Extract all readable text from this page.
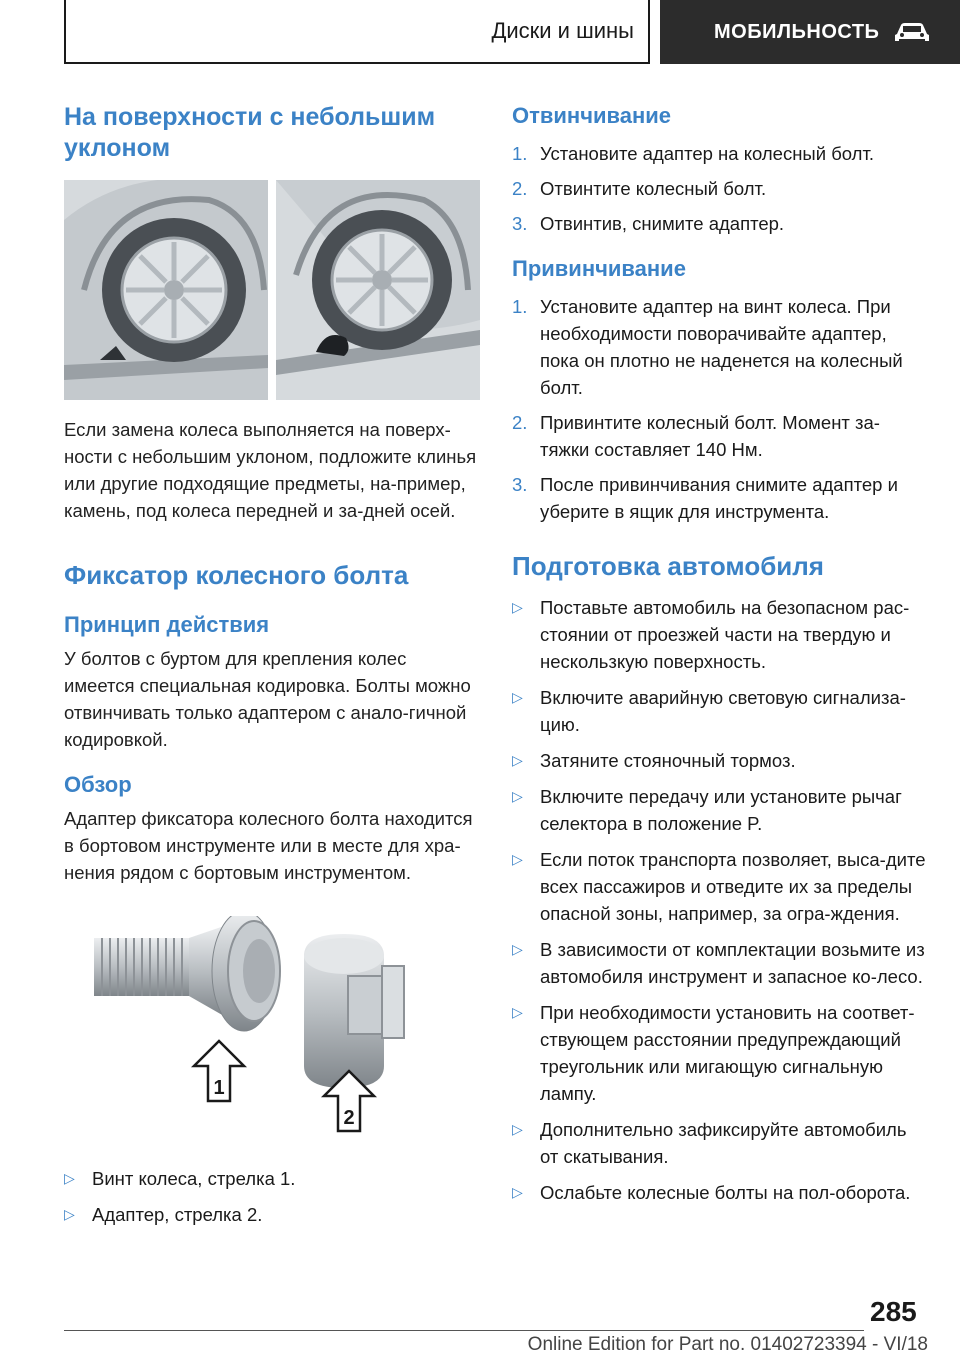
Диски и шины	МОБИЛЬНОСТЬ
На поверхности с небольшим уклоном

Если замена колеса выполняется на поверх-ности с небольшим уклоном, подложите клинья или другие подходящие предметы, на-пример, камень, под колеса передней и за-дней осей.

Фиксатор колесного болта
Принцип действия

У болтов с буртом для крепления колес имеется специальная кодировка. Болты можно отвинчивать только адаптером с анало-гичной кодировкой.

Обзор

Адаптер фиксатора колесного болта находится в бортовом инструменте или в месте для хра-нения рядом с бортовым инструментом.

1
2
▷ Винт колеса, стрелка 1.
▷ Адаптер, стрелка 2.
Отвинчивание
1. Установите адаптер на колесный болт.
2. Отвинтите колесный болт.
3. Отвинтив, снимите адаптер.
Привинчивание
1. Установите адаптер на винт колеса. При необходимости поворачивайте адаптер, пока он плотно не наденется на колесный болт.
2. Привинтите колесный болт. Момент за-тяжки составляет 140 Нм.
3. После привинчивания снимите адаптер и уберите в ящик для инструмента.
Подготовка автомобиля
▷ Поставьте автомобиль на безопасном рас-стоянии от проезжей части на твердую и нескользкую поверхность.
▷ Включите аварийную световую сигнализа-цию.
▷ Затяните стояночный тормоз.
▷ Включите передачу или установите рычаг селектора в положение P.
▷ Если поток транспорта позволяет, выса-дите всех пассажиров и отведите их за пределы опасной зоны, например, за огра-ждения.
▷ В зависимости от комплектации возьмите из автомобиля инструмент и запасное ко-лесо.
▷ При необходимости установить на соответ-ствующем расстоянии предупреждающий треугольник или мигающую сигнальную лампу.
▷ Дополнительно зафиксируйте автомобиль от скатывания.
▷ Ослабьте колесные болты на пол-оборота.
285
Online Edition for Part no. 01402723394 - VI/18
